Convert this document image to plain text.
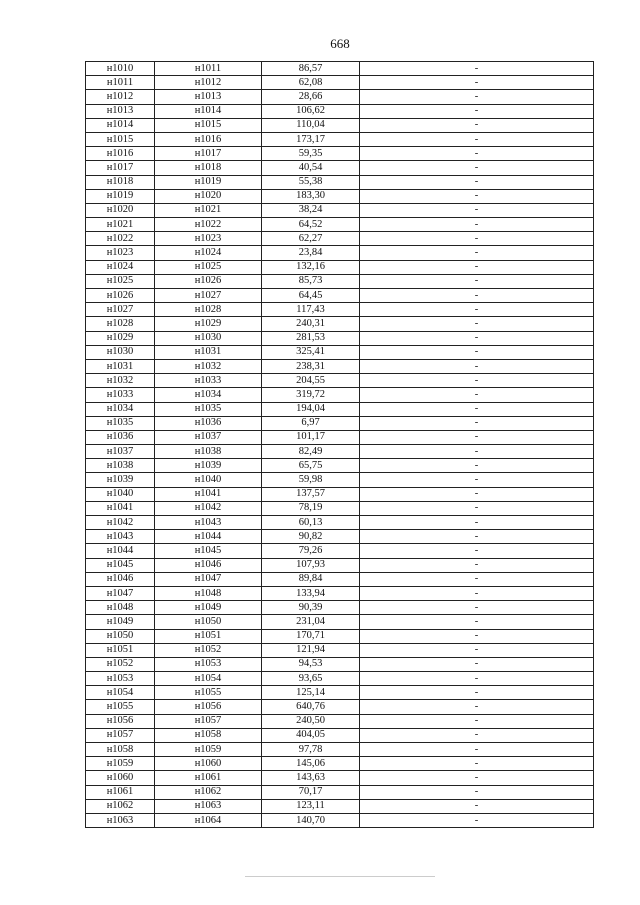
668
н1010	н1011	86,57	-
н1011	н1012	62,08	-
н1012	н1013	28,66	-
н1013	н1014	106,62	-
н1014	н1015	110,04	-
н1015	н1016	173,17	-
н1016	н1017	59,35	-
н1017	н1018	40,54	-
н1018	н1019	55,38	-
н1019	н1020	183,30	-
н1020	н1021	38,24	-
н1021	н1022	64,52	-
н1022	н1023	62,27	-
н1023	н1024	23,84	-
н1024	н1025	132,16	-
н1025	н1026	85,73	-
н1026	н1027	64,45	-
н1027	н1028	117,43	-
н1028	н1029	240,31	-
н1029	н1030	281,53	-
н1030	н1031	325,41	-
н1031	н1032	238,31	-
н1032	н1033	204,55	-
н1033	н1034	319,72	-
н1034	н1035	194,04	-
н1035	н1036	6,97	-
н1036	н1037	101,17	-
н1037	н1038	82,49	-
н1038	н1039	65,75	-
н1039	н1040	59,98	-
н1040	н1041	137,57	-
н1041	н1042	78,19	-
н1042	н1043	60,13	-
н1043	н1044	90,82	-
н1044	н1045	79,26	-
н1045	н1046	107,93	-
н1046	н1047	89,84	-
н1047	н1048	133,94	-
н1048	н1049	90,39	-
н1049	н1050	231,04	-
н1050	н1051	170,71	-
н1051	н1052	121,94	-
н1052	н1053	94,53	-
н1053	н1054	93,65	-
н1054	н1055	125,14	-
н1055	н1056	640,76	-
н1056	н1057	240,50	-
н1057	н1058	404,05	-
н1058	н1059	97,78	-
н1059	н1060	145,06	-
н1060	н1061	143,63	-
н1061	н1062	70,17	-
н1062	н1063	123,11	-
н1063	н1064	140,70	-
